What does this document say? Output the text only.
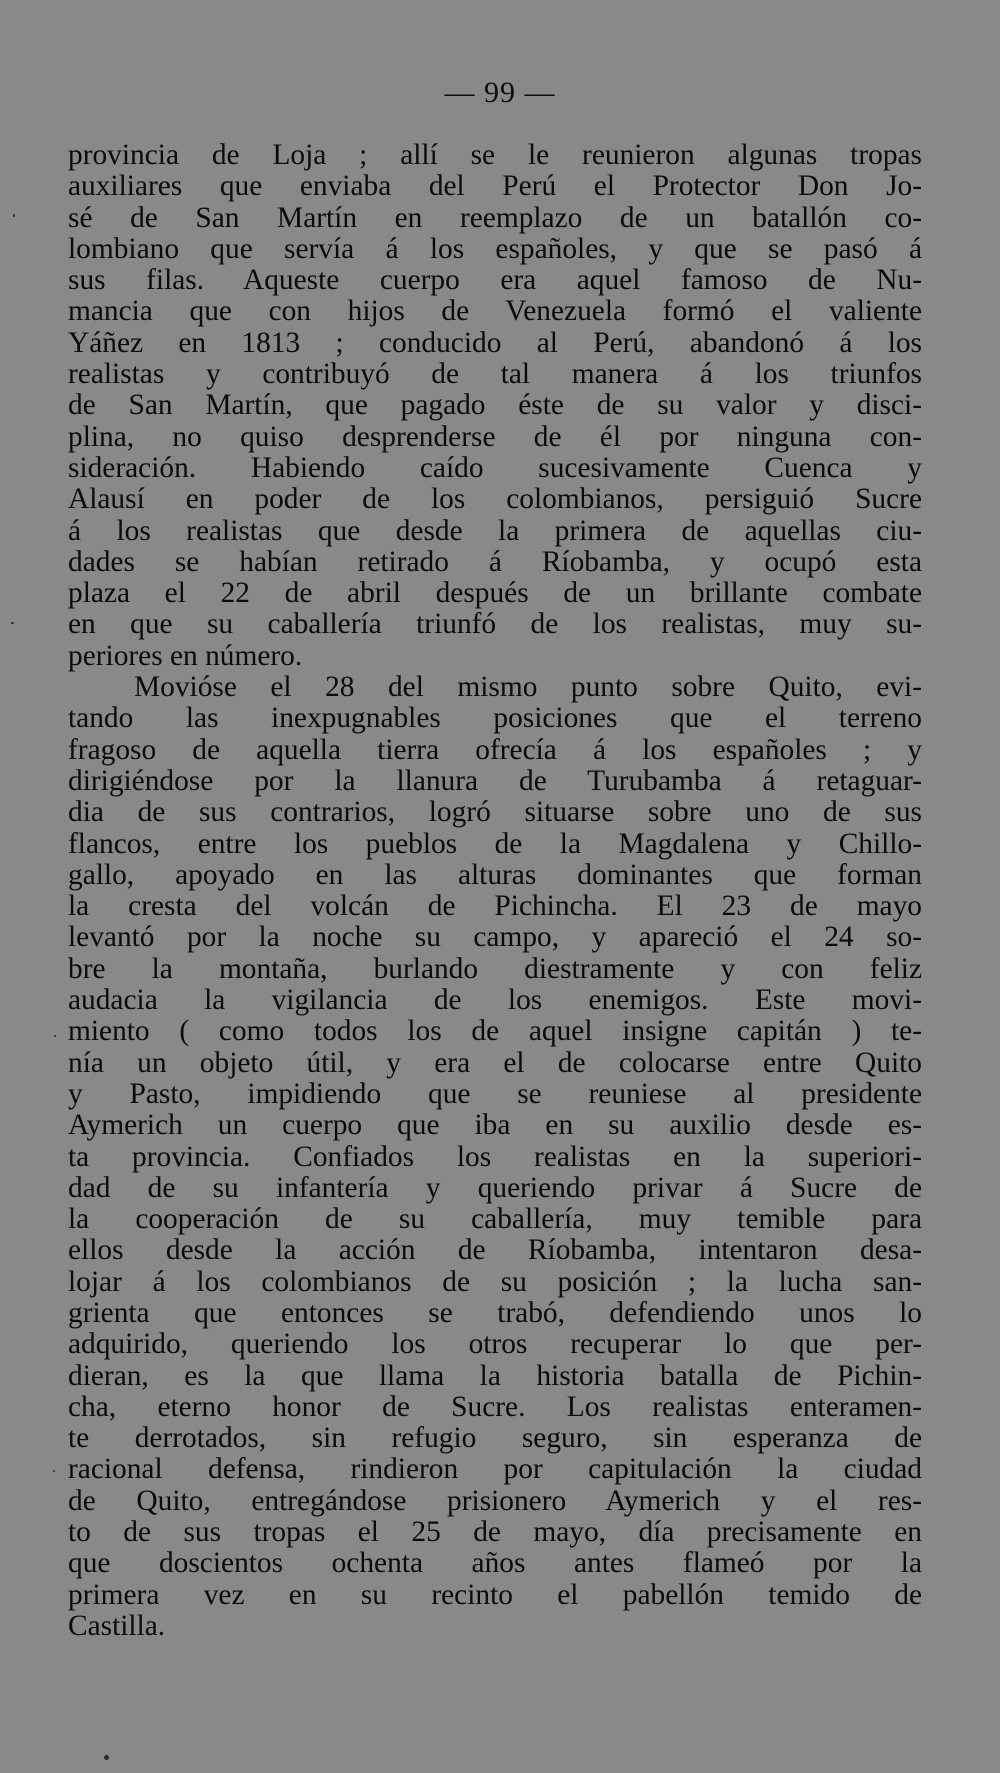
— 99 —
provincia de Loja ; allí se le reunieron algunas tropas
auxiliares que enviaba del Perú el Protector Don Jo-
sé de San Martín en reemplazo de un batallón co-
lombiano que servía á los españoles, y que se pasó á
sus filas. Aqueste cuerpo era aquel famoso de Nu-
mancia que con hijos de Venezuela formó el valiente
Yáñez en 1813 ; conducido al Perú, abandonó á los
realistas y contribuyó de tal manera á los triunfos
de San Martín, que pagado éste de su valor y disci-
plina, no quiso desprenderse de él por ninguna con-
sideración. Habiendo caído sucesivamente Cuenca y
Alausí en poder de los colombianos, persiguió Sucre
á los realistas que desde la primera de aquellas ciu-
dades se habían retirado á Ríobamba, y ocupó esta
plaza el 22 de abril después de un brillante combate
en que su caballería triunfó de los realistas, muy su-
periores en número.
Movióse el 28 del mismo punto sobre Quito, evi-
tando las inexpugnables posiciones que el terreno
fragoso de aquella tierra ofrecía á los españoles ; y
dirigiéndose por la llanura de Turubamba á retaguar-
dia de sus contrarios, logró situarse sobre uno de sus
flancos, entre los pueblos de la Magdalena y Chillo-
gallo, apoyado en las alturas dominantes que forman
la cresta del volcán de Pichincha. El 23 de mayo
levantó por la noche su campo, y apareció el 24 so-
bre la montaña, burlando diestramente y con feliz
audacia la vigilancia de los enemigos. Este movi-
miento ( como todos los de aquel insigne capitán ) te-
nía un objeto útil, y era el de colocarse entre Quito
y Pasto, impidiendo que se reuniese al presidente
Aymerich un cuerpo que iba en su auxilio desde es-
ta provincia. Confiados los realistas en la superiori-
dad de su infantería y queriendo privar á Sucre de
la cooperación de su caballería, muy temible para
ellos desde la acción de Ríobamba, intentaron desa-
lojar á los colombianos de su posición ; la lucha san-
grienta que entonces se trabó, defendiendo unos lo
adquirido, queriendo los otros recuperar lo que per-
dieran, es la que llama la historia batalla de Pichin-
cha, eterno honor de Sucre. Los realistas enteramen-
te derrotados, sin refugio seguro, sin esperanza de
racional defensa, rindieron por capitulación la ciudad
de Quito, entregándose prisionero Aymerich y el res-
to de sus tropas el 25 de mayo, día precisamente en
que doscientos ochenta años antes flameó por la
primera vez en su recinto el pabellón temido de
Castilla.
